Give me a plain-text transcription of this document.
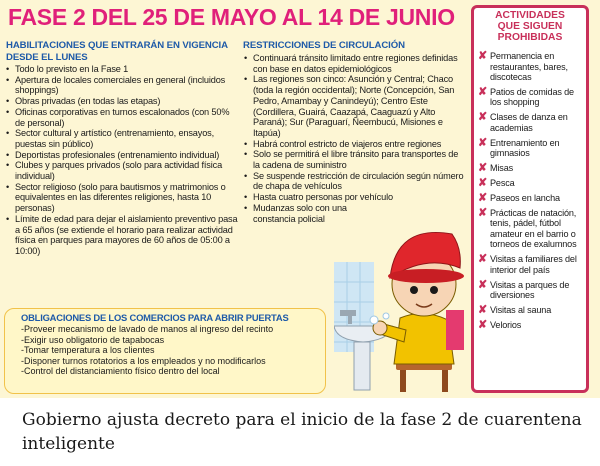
FASE 2 DEL 25 DE MAYO AL 14 DE JUNIO
HABILITACIONES QUE ENTRARÁN EN VIGENCIA
DESDE EL LUNES
• Todo lo previsto en la Fase 1
• Apertura de locales comerciales en general (incluidos shoppings)
• Obras privadas (en todas las etapas)
• Oficinas corporativas en turnos escalonados (con 50% de personal)
• Sector cultural y artístico (entrenamiento, ensayos, puestas sin público)
• Deportistas profesionales (entrenamiento individual)
• Clubes y parques privados (solo para actividad física individual)
• Sector religioso (solo para bautismos y matrimonios o equivalentes en las diferentes religiones, hasta 10 personas)
• Límite de edad para dejar el aislamiento preventivo pasa a 65 años (se extiende el horario para realizar actividad física en parques para mayores de 60 años de 05:00 a 10:00)
RESTRICCIONES DE CIRCULACIÓN
• Continuará tránsito limitado entre regiones definidas con base en datos epidemiológicos
• Las regiones son cinco: Asunción y Central; Chaco (toda la región occidental); Norte (Concepción, San Pedro, Amambay y Canindeyú); Centro Este (Cordillera, Guairá, Caazapá, Caaguazú y Alto Paraná); Sur (Paraguarí, Ñeembucú, Misiones e Itapúa)
• Habrá control estricto de viajeros entre regiones
• Solo se permitirá el libre tránsito para transportes de la cadena de suministro
• Se suspende restricción de circulación según número de chapa de vehículos
• Hasta cuatro personas por vehículo
• Mudanzas solo con una constancia policial
OBLIGACIONES DE LOS COMERCIOS PARA ABRIR PUERTAS
-Proveer mecanismo de lavado de manos al ingreso del recinto
-Exigir uso obligatorio de tapabocas
-Tomar temperatura a los clientes
-Disponer turnos rotatorios a los empleados y no modificarlos
-Control del distanciamiento físico dentro del local
ACTIVIDADES
QUE SIGUEN
PROHIBIDAS
✘ Permanencia en restaurantes, bares, discotecas
✘ Patios de comidas de los shopping
✘ Clases de danza en academias
✘ Entrenamiento en gimnasios
✘ Misas
✘ Pesca
✘ Paseos en lancha
✘ Prácticas de natación, tenis, pádel, fútbol amateur en el barrio o torneos de exalumnos
✘ Visitas a familiares del interior del país
✘ Visitas a parques de diversiones
✘ Visitas al sauna
✘ Velorios
Gobierno ajusta decreto para el inicio de la fase 2 de cuarentena inteligente
